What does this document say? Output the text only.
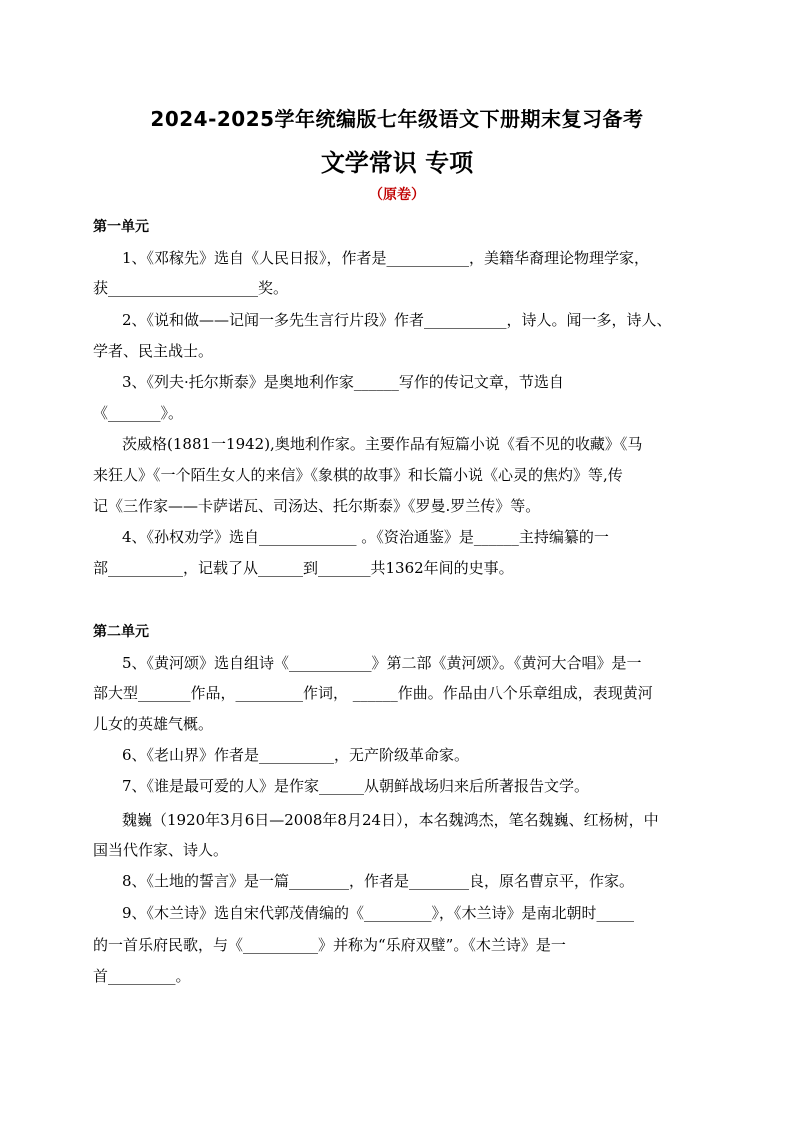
2024-2025学年统编版七年级语文下册期末复习备考
文学常识 专项
（原卷）
第一单元
1、《邓稼先》选自《人民日报》，作者是___________，美籍华裔理论物理学家，
获____________________奖。
2、《说和做——记闻一多先生言行片段》作者___________，诗人。闻一多，诗人、
学者、民主战士。
3、《列夫·托尔斯泰》是奥地利作家______写作的传记文章，节选自
《_______》。
茨威格(1881一1942),奥地利作家。主要作品有短篇小说《看不见的收藏》《马
来狂人》《一个陌生女人的来信》《象棋的故事》和长篇小说《心灵的焦灼》等,传
记《三作家——卡萨诺瓦、司汤达、托尔斯泰》《罗曼.罗兰传》等。
4、《孙权劝学》选自_____________ 。《资治通鉴》是______主持编纂的一
部__________，记载了从______到_______共1362年间的史事。
第二单元
5、《黄河颂》选自组诗《___________》第二部《黄河颂》。《黄河大合唱》是一
部大型_______作品，_________作词， ______作曲。作品由八个乐章组成，表现黄河
儿女的英雄气概。
6、《老山界》作者是__________，无产阶级革命家。
7、《谁是最可爱的人》是作家______从朝鲜战场归来后所著报告文学。
魏巍（1920年3月6日—2008年8月24日），本名魏鸿杰，笔名魏巍、红杨树，中
国当代作家、诗人。
8、《土地的誓言》是一篇________，作者是________良，原名曹京平，作家。
9、《木兰诗》选自宋代郭茂倩编的《_________》，《木兰诗》是南北朝时_____
的一首乐府民歌，与《__________》并称为“乐府双璧”。《木兰诗》是一
首_________。
